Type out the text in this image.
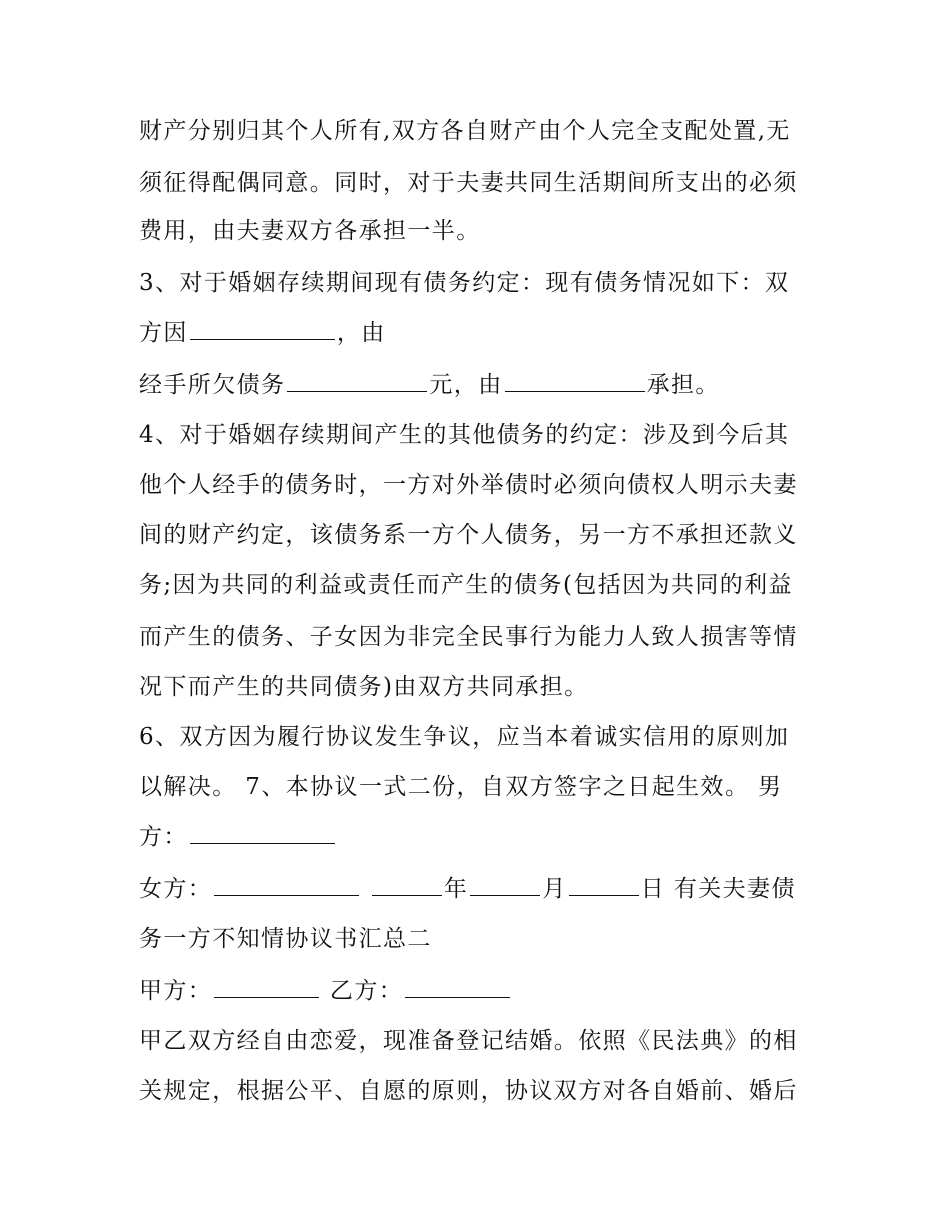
财产分别归其个人所有,双方各自财产由个人完全支配处置,无
须征得配偶同意。同时，对于夫妻共同生活期间所支出的必须
费用，由夫妻双方各承担一半。
3、对于婚姻存续期间现有债务约定：现有债务情况如下：双
方因	，由
经手所欠债务	元，由	承担。
4、对于婚姻存续期间产生的其他债务的约定：涉及到今后其
他个人经手的债务时，一方对外举债时必须向债权人明示夫妻
间的财产约定，该债务系一方个人债务，另一方不承担还款义
务;因为共同的利益或责任而产生的债务(包括因为共同的利益
而产生的债务、子女因为非完全民事行为能力人致人损害等情
况下而产生的共同债务)由双方共同承担。
6、双方因为履行协议发生争议，应当本着诚实信用的原则加
以解决。 7、本协议一式二份，自双方签字之日起生效。 男
方：
女方：	年	月	日 有关夫妻债
务一方不知情协议书汇总二
甲方：	乙方：
甲乙双方经自由恋爱，现准备登记结婚。依照《民法典》的相
关规定，根据公平、自愿的原则，协议双方对各自婚前、婚后
